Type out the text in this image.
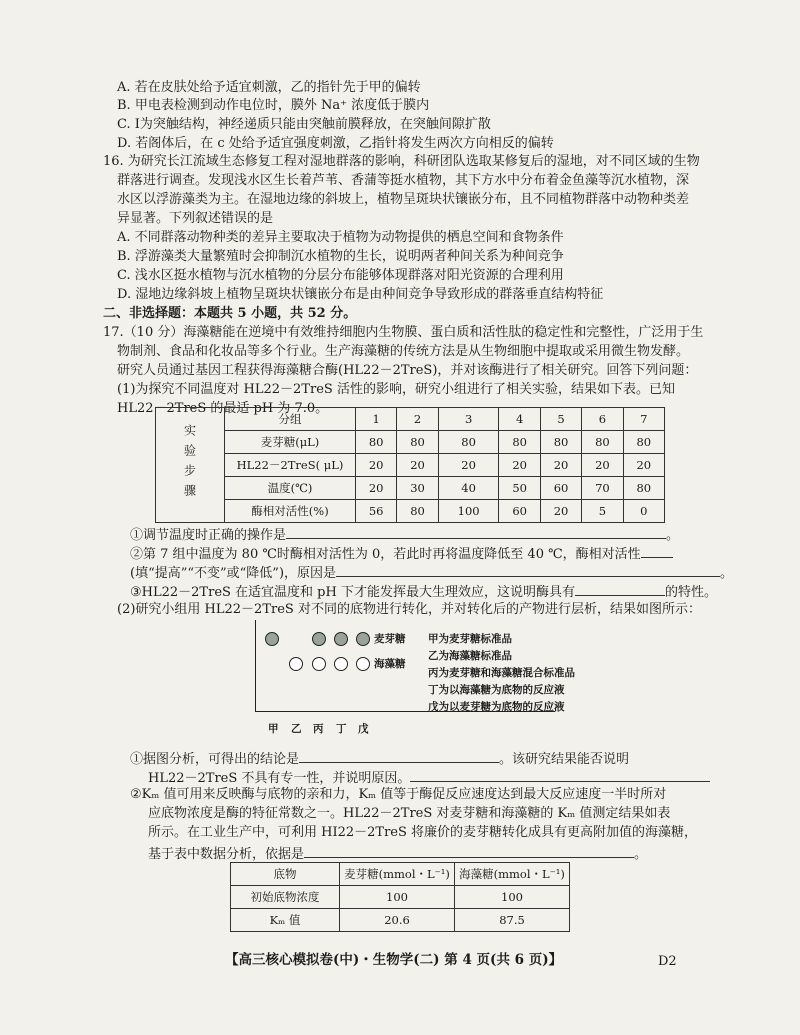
A. 若在皮肤处给予适宜刺激，乙的指针先于甲的偏转
B. 甲电表检测到动作电位时，膜外 Na⁺ 浓度低于膜内
C. Ⅰ为突触结构，神经递质只能由突触前膜释放，在突触间隙扩散
D. 若阁体后，在 c 处给予适宜强度刺激，乙指针将发生两次方向相反的偏转
16. 为研究长江流域生态修复工程对湿地群落的影响，科研团队选取某修复后的湿地，对不同区域的生物
群落进行调查。发现浅水区生长着芦苇、香蒲等挺水植物，其下方水中分布着金鱼藻等沉水植物，深
水区以浮游藻类为主。在湿地边缘的斜坡上，植物呈斑块状镶嵌分布，且不同植物群落中动物种类差
异显著。下列叙述错误的是
A. 不同群落动物种类的差异主要取决于植物为动物提供的栖息空间和食物条件
B. 浮游藻类大量繁殖时会抑制沉水植物的生长，说明两者种间关系为种间竞争
C. 浅水区挺水植物与沉水植物的分层分布能够体现群落对阳光资源的合理利用
D. 湿地边缘斜坡上植物呈斑块状镶嵌分布是由种间竞争导致形成的群落垂直结构特征
二、非选择题：本题共 5 小题，共 52 分。
17.（10 分）海藻糖能在逆境中有效维持细胞内生物膜、蛋白质和活性肽的稳定性和完整性，广泛用于生
物制剂、食品和化妆品等多个行业。生产海藻糖的传统方法是从生物细胞中提取或采用微生物发酵。
研究人员通过基因工程获得海藻糖合酶(HL22－2TreS)，并对该酶进行了相关研究。回答下列问题：
(1)为探究不同温度对 HL22－2TreS 活性的影响，研究小组进行了相关实验，结果如下表。已知
HL22－2TreS 的最适 pH 为 7.0。
实验步骤	分组	1	2	3	4	5	6	7
	麦芽糖(μL)	80	80	80	80	80	80	80
	HL22－2TreS( μL)	20	20	20	20	20	20	20
	温度(℃)	20	30	40	50	60	70	80
	酶相对活性(%)	56	80	100	60	20	5	0
①调节温度时正确的操作是	。
②第 7 组中温度为 80 ℃时酶相对活性为 0，若此时再将温度降低至 40 ℃，酶相对活性
(填“提高”“不变”或“降低”)，原因是	。
③HL22－2TreS 在适宜温度和 pH 下才能发挥最大生理效应，这说明酶具有	的特性。
(2)研究小组用 HL22－2TreS 对不同的底物进行转化，并对转化后的产物进行层析，结果如图所示：
麦芽糖
海藻糖
甲为麦芽糖标准品
乙为海藻糖标准品
丙为麦芽糖和海藻糖混合标准品
丁为以海藻糖为底物的反应液
戊为以麦芽糖为底物的反应液
甲 乙 丙 丁 戊
①据图分析，可得出的结论是	。该研究结果能否说明
HL22－2TreS 不具有专一性，并说明原因。
②Kₘ 值可用来反映酶与底物的亲和力，Kₘ 值等于酶促反应速度达到最大反应速度一半时所对
应底物浓度是酶的特征常数之一。HL22－2TreS 对麦芽糖和海藻糖的 Kₘ 值测定结果如表
所示。在工业生产中，可利用 HI22－2TreS 将廉价的麦芽糖转化成具有更高附加值的海藻糖，
基于表中数据分析，依据是	。
底物	麦芽糖(mmol・L⁻¹)	海藻糖(mmol・L⁻¹)
初始底物浓度	100	100
Kₘ 值	20.6	87.5
【高三核心模拟卷(中)・生物学(二) 第 4 页(共 6 页)】	D2
